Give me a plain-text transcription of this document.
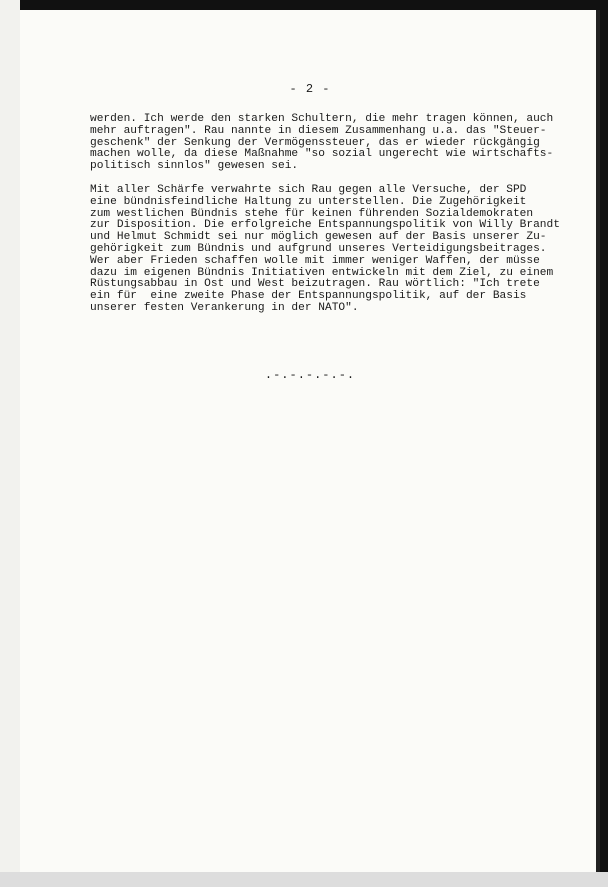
- 2 -
werden. Ich werde den starken Schultern, die mehr tragen können, auch
mehr auftragen". Rau nannte in diesem Zusammenhang u.a. das "Steuer-
geschenk" der Senkung der Vermögenssteuer, das er wieder rückgängig
machen wolle, da diese Maßnahme "so sozial ungerecht wie wirtschafts-
politisch sinnlos" gewesen sei.
Mit aller Schärfe verwahrte sich Rau gegen alle Versuche, der SPD
eine bündnisfeindliche Haltung zu unterstellen. Die Zugehörigkeit
zum westlichen Bündnis stehe für keinen führenden Sozialdemokraten
zur Disposition. Die erfolgreiche Entspannungspolitik von Willy Brandt
und Helmut Schmidt sei nur möglich gewesen auf der Basis unserer Zu-
gehörigkeit zum Bündnis und aufgrund unseres Verteidigungsbeitrages.
Wer aber Frieden schaffen wolle mit immer weniger Waffen, der müsse
dazu im eigenen Bündnis Initiativen entwickeln mit dem Ziel, zu einem
Rüstungsabbau in Ost und West beizutragen. Rau wörtlich: "Ich trete
ein für  eine zweite Phase der Entspannungspolitik, auf der Basis
unserer festen Verankerung in der NATO".
.-.-.-.-.-.
